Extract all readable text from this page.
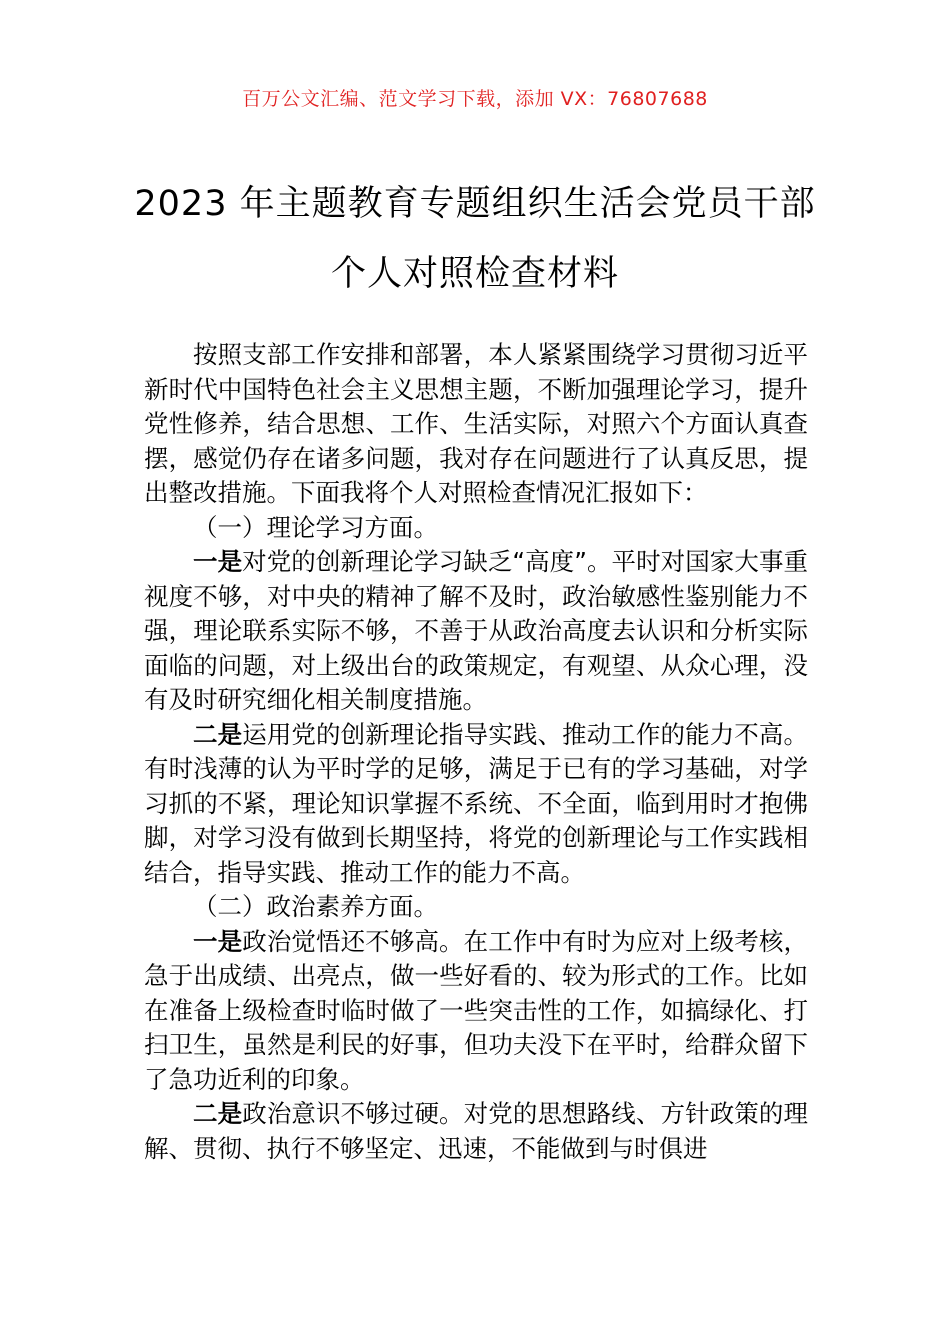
百万公文汇编、范文学习下载，添加 VX：76807688
2023 年主题教育专题组织生活会党员干部
个人对照检查材料

按照支部工作安排和部署，本人紧紧围绕学习贯彻习近平新时代中国特色社会主义思想主题，不断加强理论学习，提升党性修养，结合思想、工作、生活实际，对照六个方面认真查摆，感觉仍存在诸多问题，我对存在问题进行了认真反思，提出整改措施。下面我将个人对照检查情况汇报如下：

（一）理论学习方面。

一是对党的创新理论学习缺乏“高度”。平时对国家大事重视度不够，对中央的精神了解不及时，政治敏感性鉴别能力不强，理论联系实际不够，不善于从政治高度去认识和分析实际面临的问题，对上级出台的政策规定，有观望、从众心理，没有及时研究细化相关制度措施。

二是运用党的创新理论指导实践、推动工作的能力不高。有时浅薄的认为平时学的足够，满足于已有的学习基础，对学习抓的不紧，理论知识掌握不系统、不全面，临到用时才抱佛脚，对学习没有做到长期坚持，将党的创新理论与工作实践相结合，指导实践、推动工作的能力不高。

（二）政治素养方面。

一是政治觉悟还不够高。在工作中有时为应对上级考核，急于出成绩、出亮点，做一些好看的、较为形式的工作。比如在准备上级检查时临时做了一些突击性的工作，如搞绿化、打扫卫生，虽然是利民的好事，但功夫没下在平时，给群众留下了急功近利的印象。

二是政治意识不够过硬。对党的思想路线、方针政策的理解、贯彻、执行不够坚定、迅速，不能做到与时俱进
